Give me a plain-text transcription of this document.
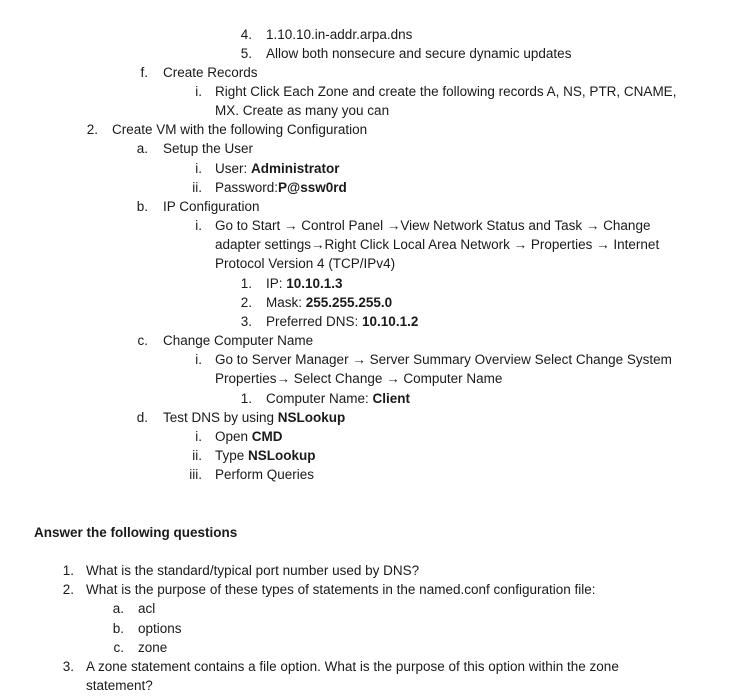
4. 1.10.10.in-addr.arpa.dns
5. Allow both nonsecure and secure dynamic updates
f. Create Records
i. Right Click Each Zone and create the following records A, NS, PTR, CNAME,
MX. Create as many you can
2. Create VM with the following Configuration
a. Setup the User
i. User: Administrator
ii. Password:P@ssw0rd
b. IP Configuration
i. Go to Start → Control Panel →View Network Status and Task → Change
adapter settings→Right Click Local Area Network → Properties → Internet
Protocol Version 4 (TCP/IPv4)
1. IP: 10.10.1.3
2. Mask: 255.255.255.0
3. Preferred DNS: 10.10.1.2
c. Change Computer Name
i. Go to Server Manager → Server Summary Overview Select Change System
Properties→ Select Change → Computer Name
1. Computer Name: Client
d. Test DNS by using NSLookup
i. Open CMD
ii. Type NSLookup
iii. Perform Queries
Answer the following questions
1. What is the standard/typical port number used by DNS?
2. What is the purpose of these types of statements in the named.conf configuration file:
a. acl
b. options
c. zone
3. A zone statement contains a file option. What is the purpose of this option within the zone
statement?
